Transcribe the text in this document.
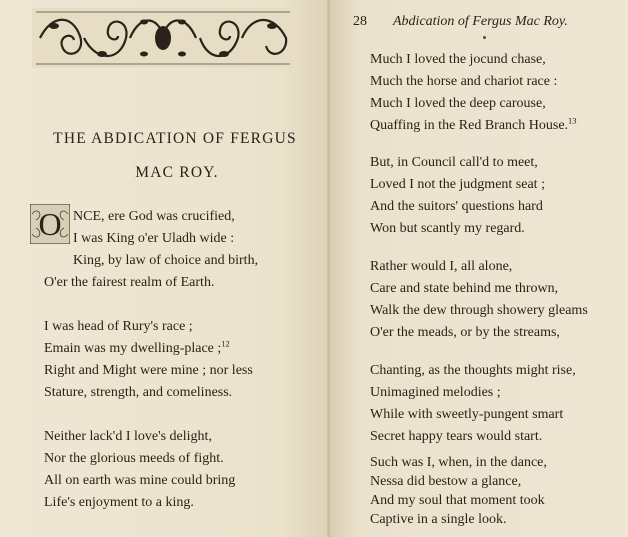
THE ABDICATION OF FERGUS
MAC ROY.
O NCE, ere God was crucified,
I was King o'er Uladh wide :
King, by law of choice and birth,
O'er the fairest realm of Earth.
I was head of Rury's race ;
Emain was my dwelling-place ;$^{12}$
Right and Might were mine ; nor less
Stature, strength, and comeliness.
Neither lack'd I love's delight,
Nor the glorious meeds of fight.
All on earth was mine could bring
Life's enjoyment to a king.
28 Abdication of Fergus Mac Roy.
Much I loved the jocund chase,
Much the horse and chariot race :
Much I loved the deep carouse,
Quaffing in the Red Branch House.$^{13}$
But, in Council call'd to meet,
Loved I not the judgment seat ;
And the suitors' questions hard
Won but scantly my regard.
Rather would I, all alone,
Care and state behind me thrown,
Walk the dew through showery gleams
O'er the meads, or by the streams,
Chanting, as the thoughts might rise,
Unimagined melodies ;
While with sweetly-pungent smart
Secret happy tears would start.
Such was I, when, in the dance,
Nessa did bestow a glance,
And my soul that moment took
Captive in a single look.
